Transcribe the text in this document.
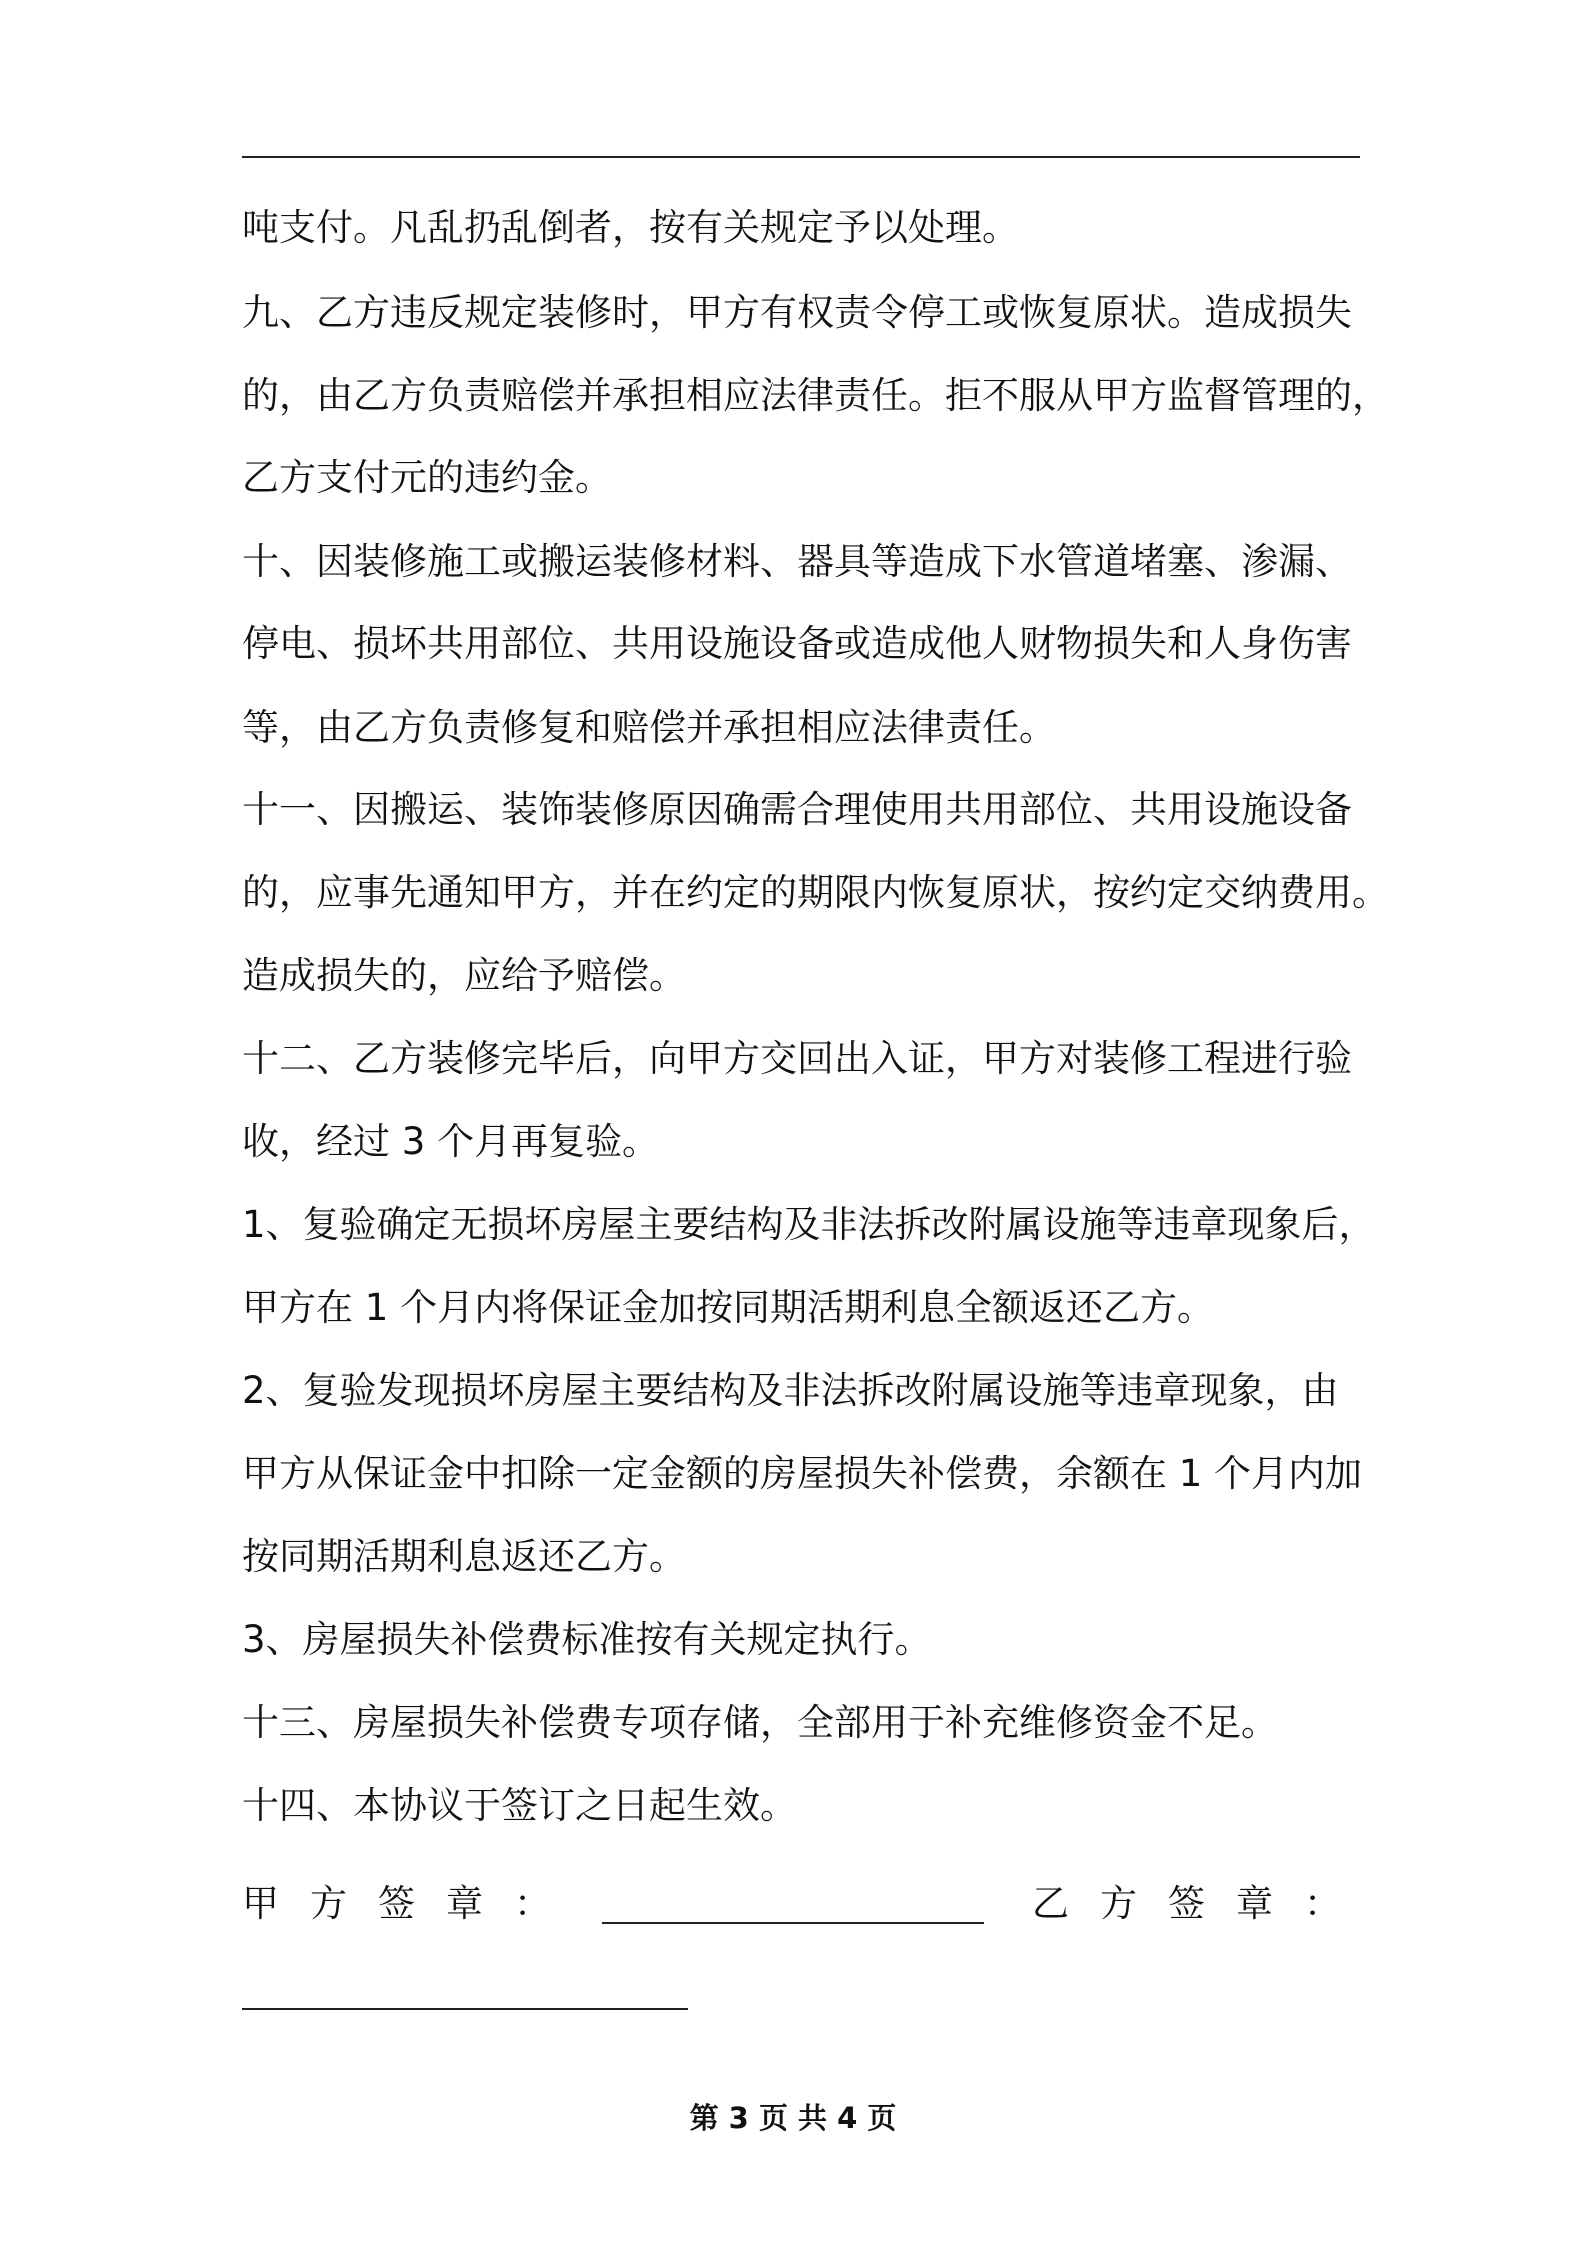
吨支付。凡乱扔乱倒者，按有关规定予以处理。
九、乙方违反规定装修时，甲方有权责令停工或恢复原状。造成损失
的，由乙方负责赔偿并承担相应法律责任。拒不服从甲方监督管理的，
乙方支付元的违约金。
十、因装修施工或搬运装修材料、器具等造成下水管道堵塞、渗漏、
停电、损坏共用部位、共用设施设备或造成他人财物损失和人身伤害
等，由乙方负责修复和赔偿并承担相应法律责任。
十一、因搬运、装饰装修原因确需合理使用共用部位、共用设施设备
的，应事先通知甲方，并在约定的期限内恢复原状，按约定交纳费用。
造成损失的，应给予赔偿。
十二、乙方装修完毕后，向甲方交回出入证，甲方对装修工程进行验
收，经过 3 个月再复验。
1、复验确定无损坏房屋主要结构及非法拆改附属设施等违章现象后，
甲方在 1 个月内将保证金加按同期活期利息全额返还乙方。
2、复验发现损坏房屋主要结构及非法拆改附属设施等违章现象，由
甲方从保证金中扣除一定金额的房屋损失补偿费，余额在 1 个月内加
按同期活期利息返还乙方。
3、房屋损失补偿费标准按有关规定执行。
十三、房屋损失补偿费专项存储，全部用于补充维修资金不足。
十四、本协议于签订之日起生效。
甲方签章：	乙方签章：
第 3 页 共 4 页
